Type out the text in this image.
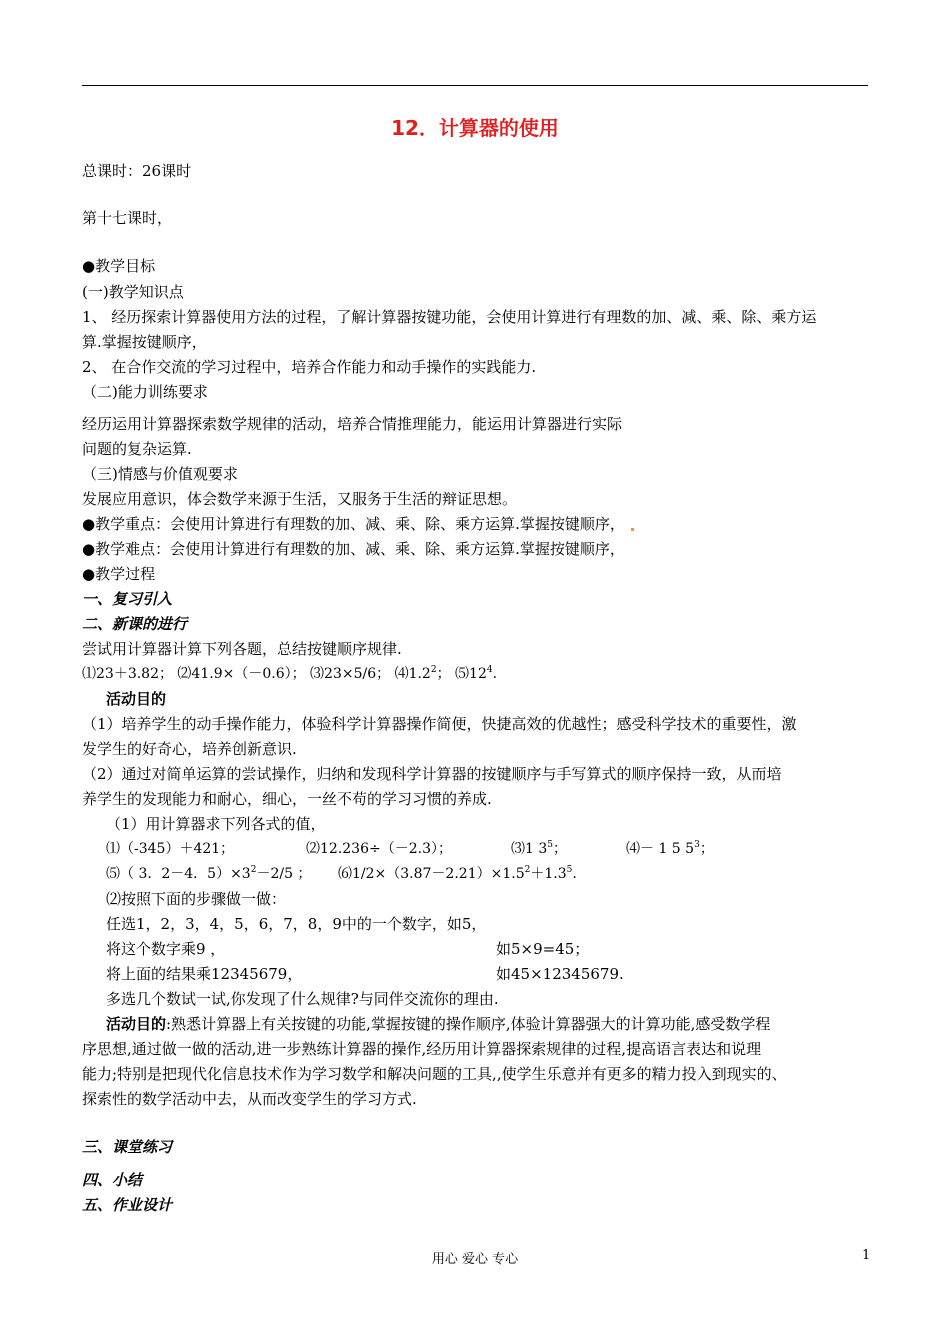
12．计算器的使用
总课时：26课时
第十七课时，
●教学目标
(一)教学知识点
1、 经历探索计算器使用方法的过程，了解计算器按键功能，会使用计算进行有理数的加、减、乘、除、乘方运
算.掌握按键顺序，
2、 在合作交流的学习过程中，培养合作能力和动手操作的实践能力.
（二)能力训练要求
经历运用计算器探索数学规律的活动，培养合情推理能力，能运用计算器进行实际
问题的复杂运算.
（三)情感与价值观要求
发展应用意识，体会数学来源于生活，又服务于生活的辩证思想。
●教学重点：会使用计算进行有理数的加、减、乘、除、乘方运算.掌握按键顺序，
●教学难点：会使用计算进行有理数的加、减、乘、除、乘方运算.掌握按键顺序，
●教学过程
一、复习引入
二、新课的进行
尝试用计算器计算下列各题，总结按键顺序规律.
⑴23＋3.82； ⑵41.9×（－0.6）； ⑶23×5/6； $⑷1.2^2$； $⑸12^4$.
活动目的
（1）培养学生的动手操作能力，体验科学计算器操作简便，快捷高效的优越性；感受科学技术的重要性，激
发学生的好奇心，培养创新意识.
（2）通过对简单运算的尝试操作，归纳和发现科学计算器的按键顺序与手写算式的顺序保持一致，从而培
养学生的发现能力和耐心，细心，一丝不苟的学习习惯的养成.
（1）用计算器求下列各式的值，
⑴（-345）＋421；	⑵12.236÷（－2.3）；	⑶1 $3^5$；	⑷－ 1 5 $5^3$；
⑸（ 3．2－4．$5)\times 3^2-2/5$ ； $⑹1/2\times(3.87-2.21)\times 1.5^2+1.3^5$.
⑵按照下面的步骤做一做：
任选1，2，3，4，5，6，7，8，9中的一个数字，如5，
将这个数字乘9 ，	如5×9=45；
将上面的结果乘12345679，	如45×12345679.
多选几个数试一试,你发现了什么规律?与同伴交流你的理由.
活动目的:熟悉计算器上有关按键的功能,掌握按键的操作顺序,体验计算器强大的计算功能,感受数学程
序思想,通过做一做的活动,进一步熟练计算器的操作,经历用计算器探索规律的过程,提高语言表达和说理
能力;特别是把现代化信息技术作为学习数学和解决问题的工具,,使学生乐意并有更多的精力投入到现实的、
探索性的数学活动中去，从而改变学生的学习方式.
三、课堂练习
四、小结
五、作业设计
用心 爱心 专心	1
